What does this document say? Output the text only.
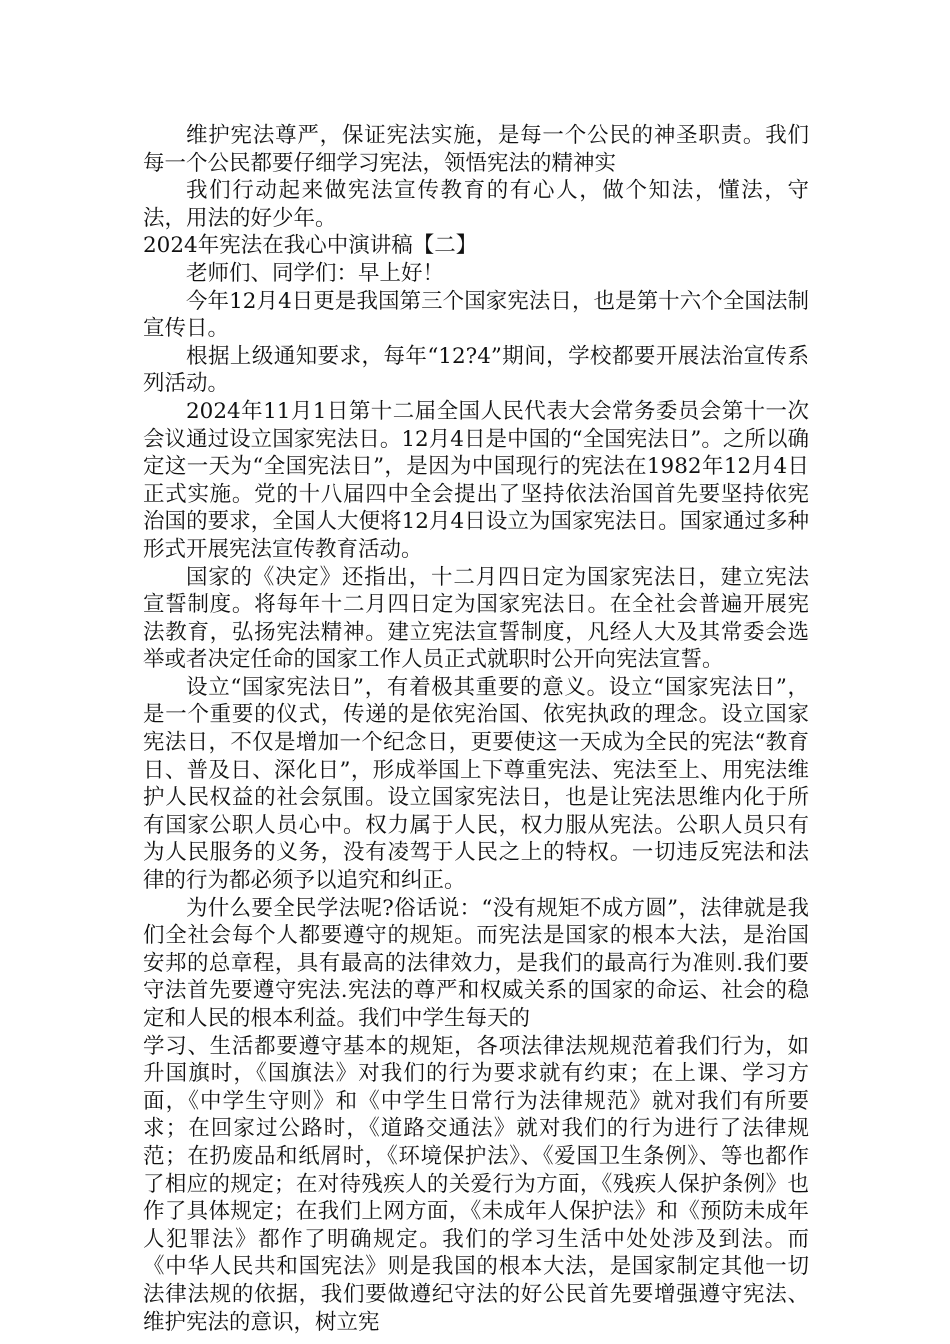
维护宪法尊严，保证宪法实施，是每一个公民的神圣职责。我们每一个公民都要仔细学习宪法，领悟宪法的精神实

我们行动起来做宪法宣传教育的有心人，做个知法，懂法，守法，用法的好少年。

2024年宪法在我心中演讲稿【二】

老师们、同学们：早上好！

今年12月4日更是我国第三个国家宪法日，也是第十六个全国法制宣传日。

根据上级通知要求，每年“12?4”期间，学校都要开展法治宣传系列活动。

2024年11月1日第十二届全国人民代表大会常务委员会第十一次会议通过设立国家宪法日。12月4日是中国的“全国宪法日”。之所以确定这一天为“全国宪法日”，是因为中国现行的宪法在1982年12月4日正式实施。党的十八届四中全会提出了坚持依法治国首先要坚持依宪治国的要求，全国人大便将12月4日设立为国家宪法日。国家通过多种形式开展宪法宣传教育活动。

国家的《决定》还指出，十二月四日定为国家宪法日，建立宪法宣誓制度。将每年十二月四日定为国家宪法日。在全社会普遍开展宪法教育，弘扬宪法精神。建立宪法宣誓制度，凡经人大及其常委会选举或者决定任命的国家工作人员正式就职时公开向宪法宣誓。

设立“国家宪法日”，有着极其重要的意义。设立“国家宪法日”，是一个重要的仪式，传递的是依宪治国、依宪执政的理念。设立国家宪法日，不仅是增加一个纪念日，更要使这一天成为全民的宪法“教育日、普及日、深化日”，形成举国上下尊重宪法、宪法至上、用宪法维护人民权益的社会氛围。设立国家宪法日，也是让宪法思维内化于所有国家公职人员心中。权力属于人民，权力服从宪法。公职人员只有为人民服务的义务，没有凌驾于人民之上的特权。一切违反宪法和法律的行为都必须予以追究和纠正。

为什么要全民学法呢?俗话说：“没有规矩不成方圆”，法律就是我们全社会每个人都要遵守的规矩。而宪法是国家的根本大法，是治国安邦的总章程，具有最高的法律效力，是我们的最高行为准则.我们要守法首先要遵守宪法.宪法的尊严和权威关系的国家的命运、社会的稳定和人民的根本利益。我们中学生每天的

学习、生活都要遵守基本的规矩，各项法律法规规范着我们行为，如升国旗时，《国旗法》对我们的行为要求就有约束；在上课、学习方面，《中学生守则》和《中学生日常行为法律规范》就对我们有所要求；在回家过公路时，《道路交通法》就对我们的行为进行了法律规范；在扔废品和纸屑时，《环境保护法》、《爱国卫生条例》、等也都作了相应的规定；在对待残疾人的关爱行为方面，《残疾人保护条例》也作了具体规定；在我们上网方面，《未成年人保护法》和《预防未成年人犯罪法》都作了明确规定。我们的学习生活中处处涉及到法。而《中华人民共和国宪法》则是我国的根本大法，是国家制定其他一切法律法规的依据，我们要做遵纪守法的好公民首先要增强遵守宪法、维护宪法的意识，树立宪
